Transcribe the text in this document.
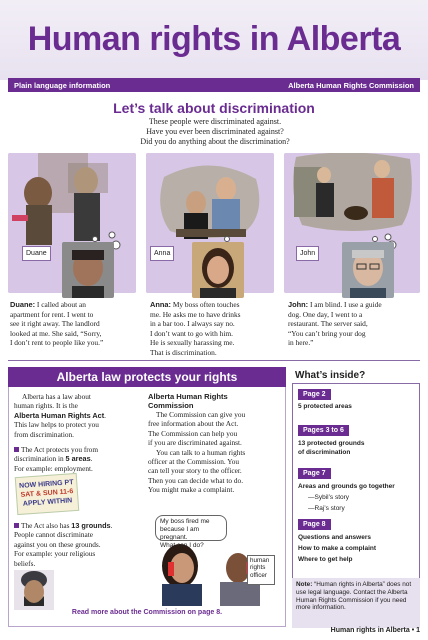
Human rights in Alberta
Plain language information	Alberta Human Rights Commission
Let’s talk about discrimination
These people were discriminated against.
Have you ever been discriminated against?
Did you do anything about the discrimination?
Duane	Anna	John
Duane: I called about an
apartment for rent. I went to
see it right away. The landlord
looked at me. She said, “Sorry,
I don’t rent to people like you.”
Anna: My boss often touches
me. He asks me to have drinks
in a bar too. I always say no.
I don’t want to go with him.
He is sexually harassing me.
That is discrimination.
John: I am blind. I use a guide
dog. One day, I went to a
restaurant. The server said,
“You can’t bring your dog
in here.”
Alberta law protects your rights
Alberta has a law about
human rights. It is the
Alberta Human Rights Act.
This law helps to protect you
from discrimination.
The Act protects you from
discrimination in 5 areas.
For example: employment.
NOW HIRING PT
SAT & SUN 11-6
APPLY WITHIN
The Act also has 13 grounds.
People cannot discriminate
against you on these grounds.
For example: your religious
beliefs.
Alberta Human Rights
Commission
The Commission can give you
free information about the Act.
The Commission can help you
if you are discriminated against.
You can talk to a human rights
officer at the Commission. You
can tell your story to the officer.
Then you can decide what to do.
You might make a complaint.
My boss fired me
because I am pregnant.
What can I do?
human
rights
officer
Read more about the Commission on page 8.
What’s inside?
Page 2
5 protected areas
Pages 3 to 6
13 protected grounds
of discrimination
Page 7
Areas and grounds go together
—Sybil’s story
—Raj’s story
Page 8
Questions and answers
How to make a complaint
Where to get help
Note: “Human rights in Alberta” does not use legal language. Contact the Alberta Human Rights Commission if you need more information.
Human rights in Alberta • 1
